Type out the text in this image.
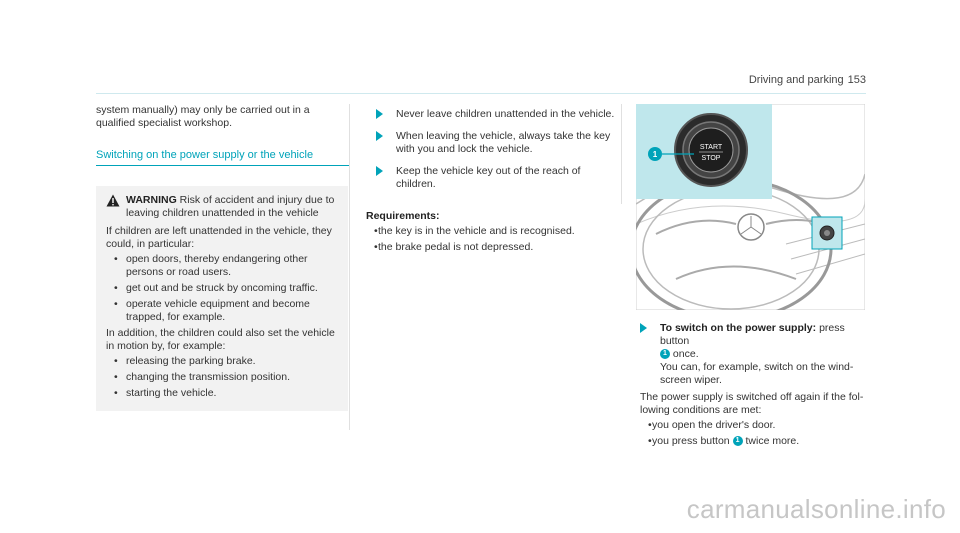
Driving and parking 153

system manually) may only be carried out in a qualified specialist workshop.

Switching on the power supply or the vehicle
WARNING Risk of accident and injury due to leaving children unattended in the vehicle

If children are left unattended in the vehicle, they could, in particular:

• open doors, thereby endangering other persons or road users.
• get out and be struck by oncoming traffic.
• operate vehicle equipment and become trapped, for example.

In addition, the children could also set the vehicle in motion by, for example:

• releasing the parking brake.
• changing the transmission position.
• starting the vehicle.
Never leave children unattended in the vehicle.
When leaving the vehicle, always take the key with you and lock the vehicle.
Keep the vehicle key out of the reach of children.
Requirements:
• the key is in the vehicle and is recognised.
• the brake pedal is not depressed.
START
STOP
1
To switch on the power supply: press button
1 once.
You can, for example, switch on the windscreen wiper.

The power supply is switched off again if the following conditions are met:

• you open the driver's door.
• you press button 1 twice more.
carmanualsonline.info
